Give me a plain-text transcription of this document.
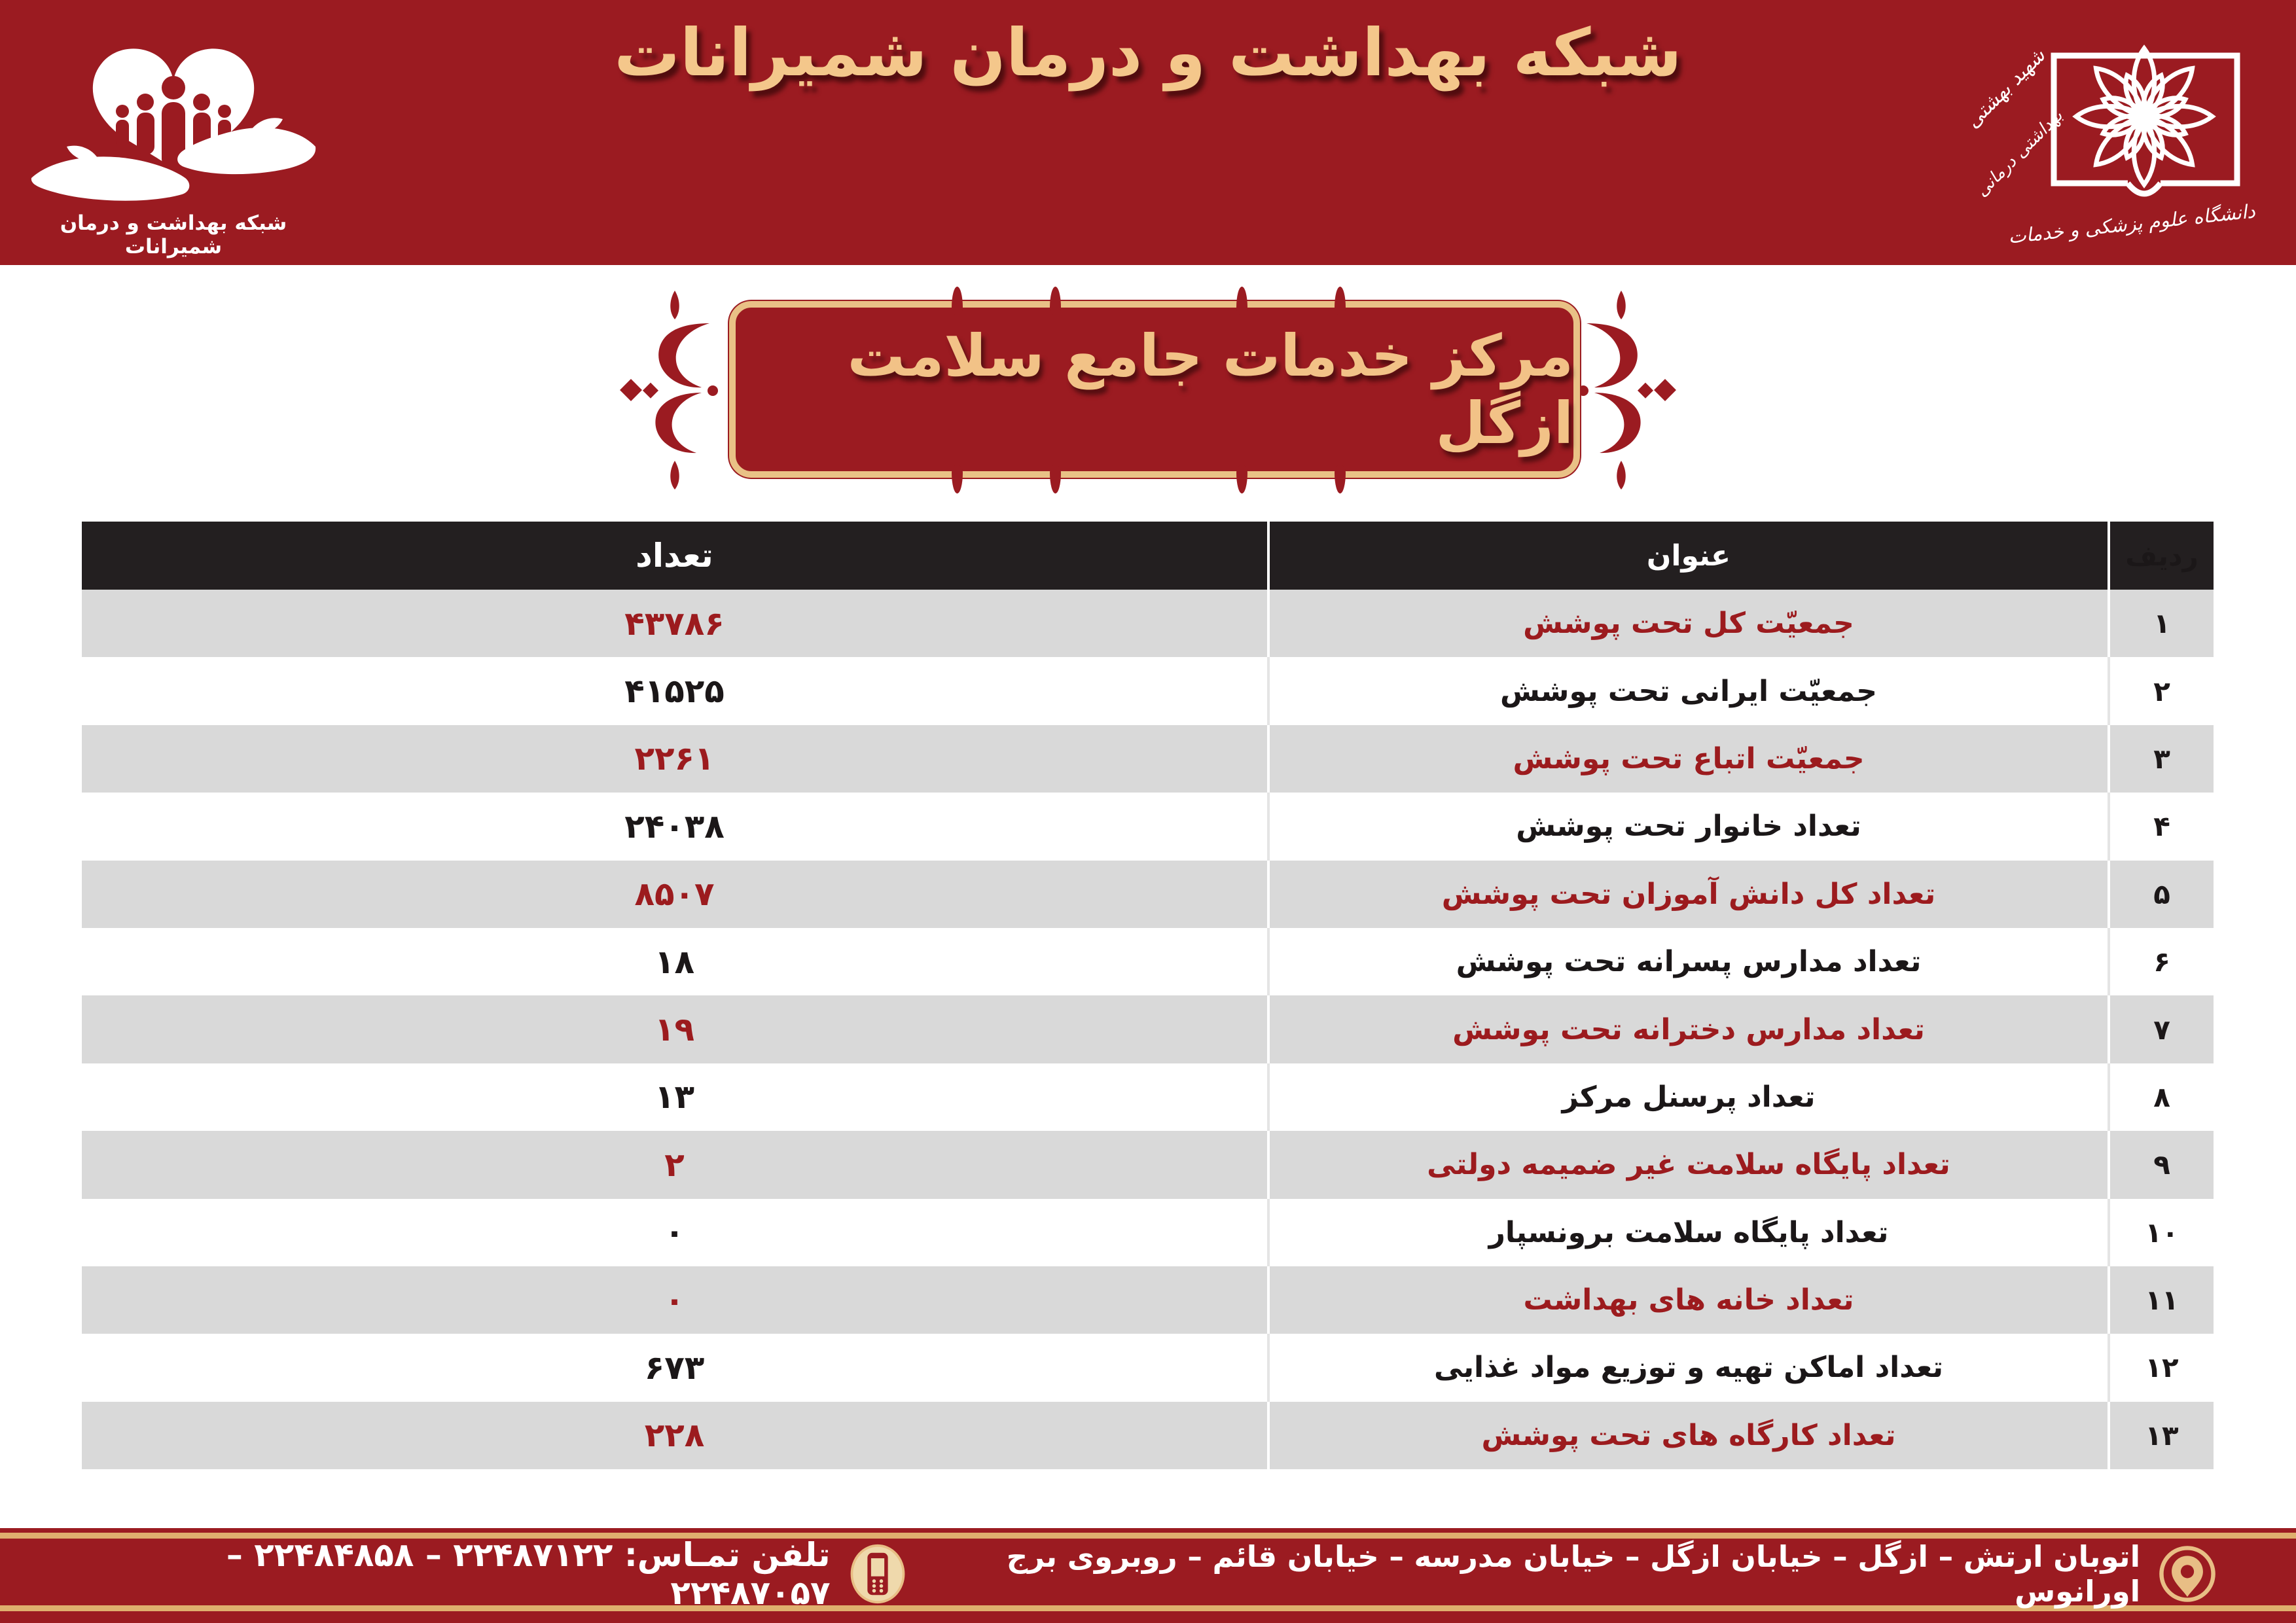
شبکه بهداشت و درمان شمیرانات
شبکه بهداشت و درمان شمیرانات
شهید بهشتی
بهداشتی درمانی
دانشگاه علوم پزشکی و خدمات
مرکز خدمات جامع سلامت ازگل
تعداد	عنوان	ردیف
۴۳۷۸۶	جمعیّت کل تحت پوشش	۱
۴۱۵۲۵	جمعیّت ایرانی تحت پوشش	۲
۲۲۶۱	جمعیّت اتباع تحت پوشش	۳
۲۴۰۳۸	تعداد خانوار تحت پوشش	۴
۸۵۰۷	تعداد کل دانش آموزان تحت پوشش	۵
۱۸	تعداد مدارس پسرانه تحت پوشش	۶
۱۹	تعداد مدارس دخترانه تحت پوشش	۷
۱۳	تعداد پرسنل مرکز	۸
۲	تعداد پایگاه سلامت غیر ضمیمه دولتی	۹
۰	تعداد پایگاه سلامت برونسپار	۱۰
۰	تعداد خانه های بهداشت	۱۱
۶۷۳	تعداد اماکن تهیه و توزیع مواد غذایی	۱۲
۲۲۸	تعداد کارگاه های تحت پوشش	۱۳
تلفن تمـاس: ۲۲۴۸۷۱۲۲ – ۲۲۴۸۴۸۵۸ – ۲۲۴۸۷۰۵۷
اتوبان ارتش – ازگل – خیابان ازگل – خیابان مدرسه – خیابان قائم – روبروی برج اورانوس
